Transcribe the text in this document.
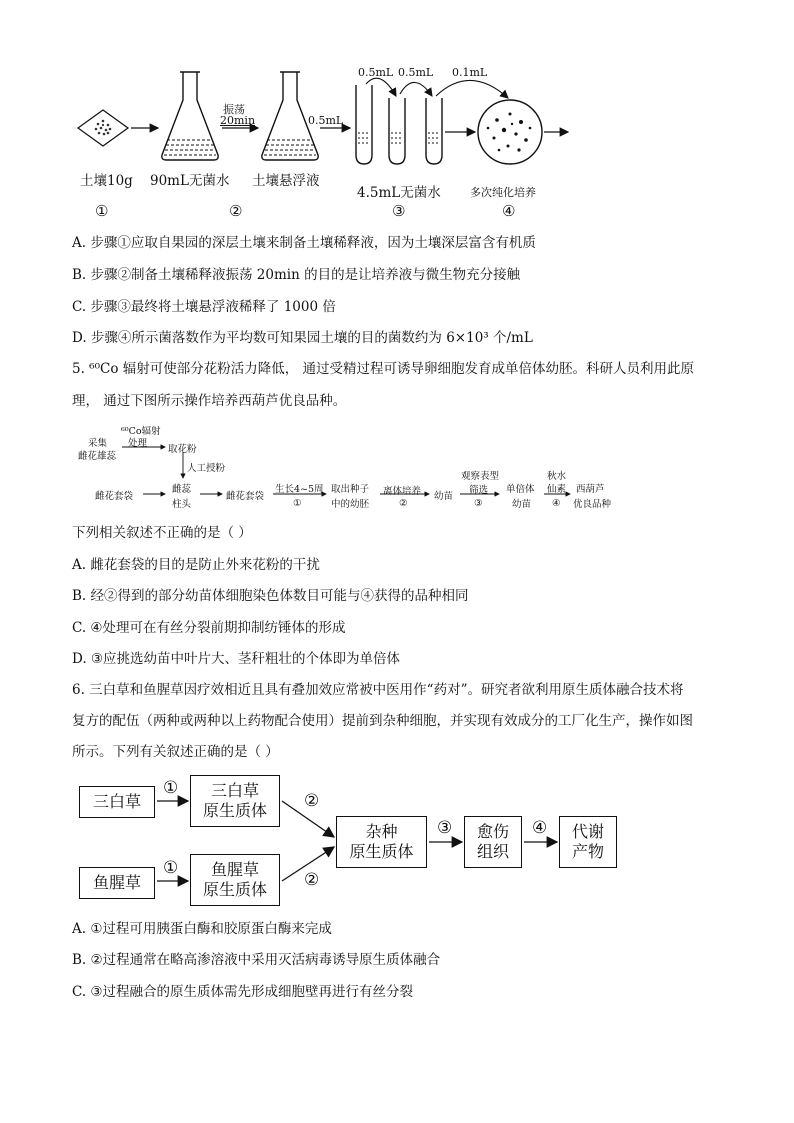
振荡
20min	0.5mL
0.5mL 0.5mL 0.1mL
土壤10g 90mL无菌水 土壤悬浮液
4.5mL无菌水	多次纯化培养
①	②	③	④
A. 步骤①应取自果园的深层土壤来制备土壤稀释液，因为土壤深层富含有机质
B. 步骤②制备土壤稀释液振荡 20min 的目的是让培养液与微生物充分接触
C. 步骤③最终将土壤悬浮液稀释了 1000 倍
D. 步骤④所示菌落数作为平均数可知果园土壤的目的菌数约为 6×10³ 个/mL
5. ⁶⁰Co 辐射可使部分花粉活力降低， 通过受精过程可诱导卵细胞发育成单倍体幼胚。科研人员利用此原
理， 通过下图所示操作培养西葫芦优良品种。
采集
雌花雄蕊
⁶⁰Co辐射
处理
取花粉
人工授粉
雌花套袋
雌蕊
柱头
雌花套袋
生长4~5周
①
取出种子
中的幼胚
离体培养
②
幼苗
观察表型
筛选
③
单倍体
幼苗
秋水
仙素
④
西葫芦
优良品种
下列相关叙述不正确的是（ ）
A. 雌花套袋的目的是防止外来花粉的干扰
B. 经②得到的部分幼苗体细胞染色体数目可能与④获得的品种相同
C. ④处理可在有丝分裂前期抑制纺锤体的形成
D. ③应挑选幼苗中叶片大、茎秆粗壮的个体即为单倍体
6. 三白草和鱼腥草因疗效相近且具有叠加效应常被中医用作“药对”。研究者欲利用原生质体融合技术将
复方的配伍（两种或两种以上药物配合使用）提前到杂种细胞，并实现有效成分的工厂化生产，操作如图
所示。下列有关叙述正确的是（ ）
三白草
三白草
原生质体
鱼腥草
鱼腥草
原生质体
杂种
原生质体
愈伤
组织
代谢
产物
①
①
②
②
③	④
A. ①过程可用胰蛋白酶和胶原蛋白酶来完成
B. ②过程通常在略高渗溶液中采用灭活病毒诱导原生质体融合
C. ③过程融合的原生质体需先形成细胞壁再进行有丝分裂
